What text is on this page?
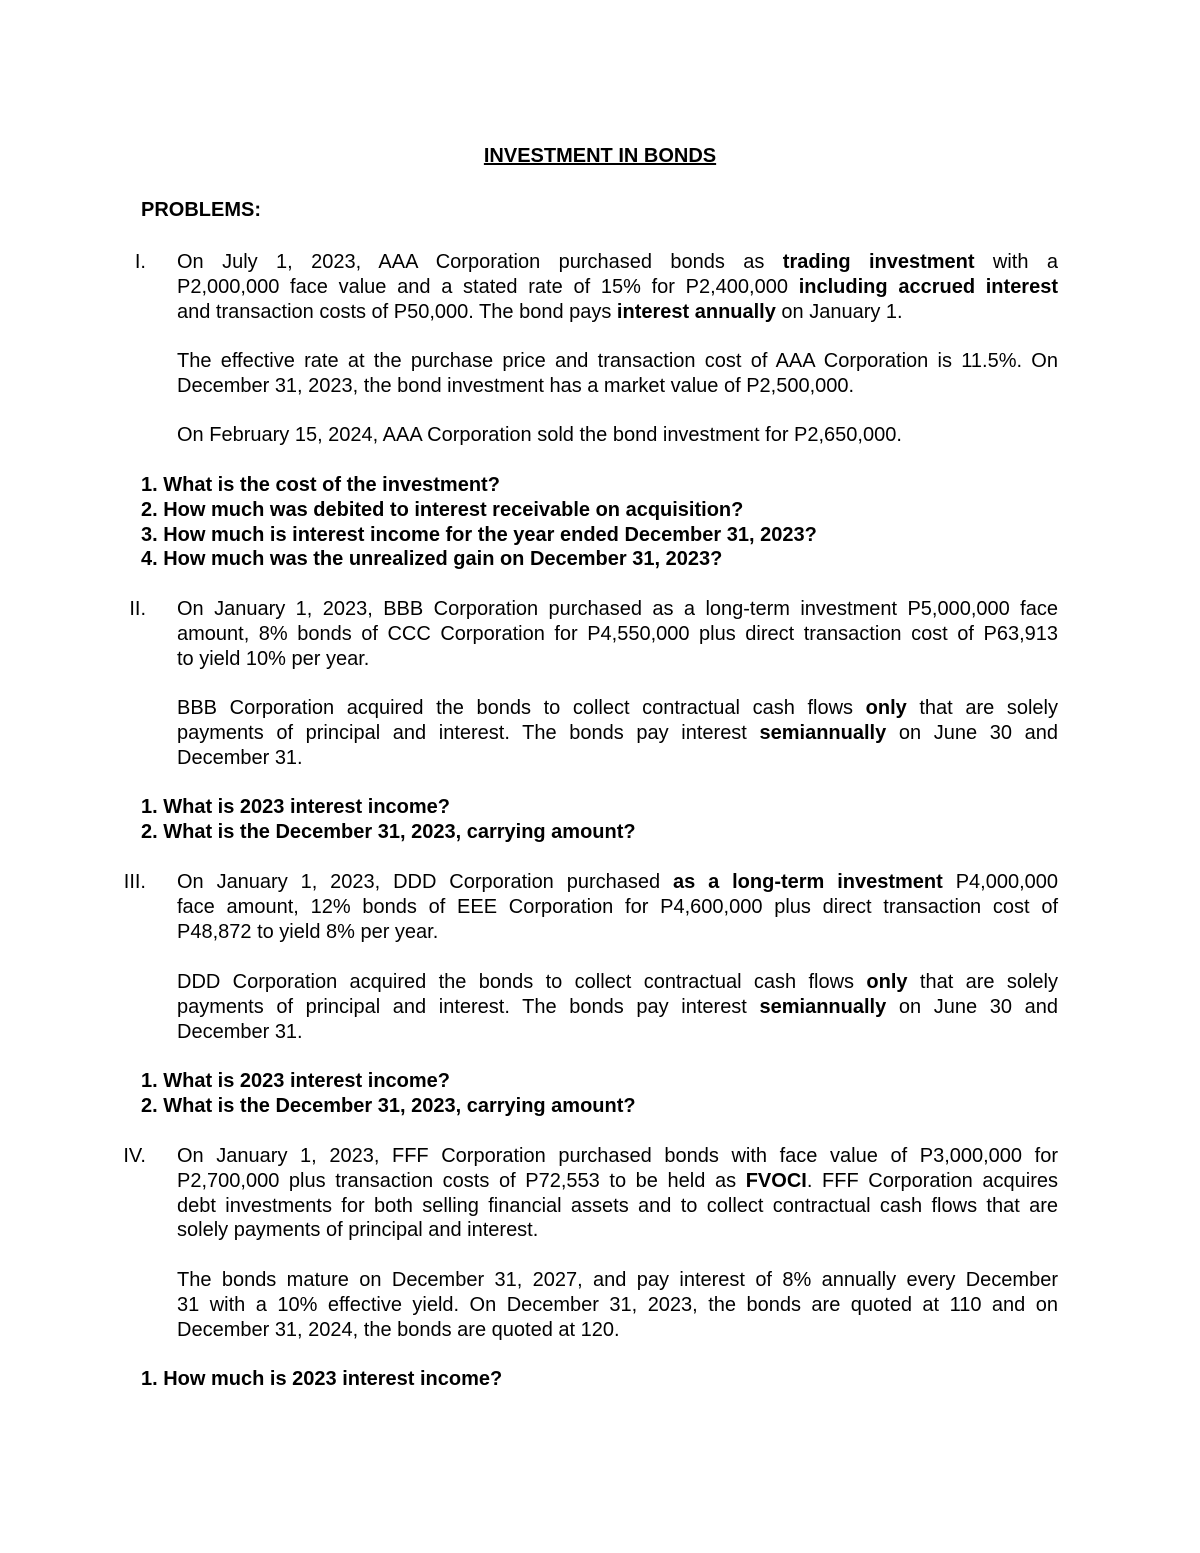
INVESTMENT IN BONDS
PROBLEMS:
I. On July 1, 2023, AAA Corporation purchased bonds as trading investment with a
P2,000,000 face value and a stated rate of 15% for P2,400,000 including accrued interest
and transaction costs of P50,000. The bond pays interest annually on January 1.
The effective rate at the purchase price and transaction cost of AAA Corporation is 11.5%. On
December 31, 2023, the bond investment has a market value of P2,500,000.
On February 15, 2024, AAA Corporation sold the bond investment for P2,650,000.
1. What is the cost of the investment?
2. How much was debited to interest receivable on acquisition?
3. How much is interest income for the year ended December 31, 2023?
4. How much was the unrealized gain on December 31, 2023?
II. On January 1, 2023, BBB Corporation purchased as a long-term investment P5,000,000 face
amount, 8% bonds of CCC Corporation for P4,550,000 plus direct transaction cost of P63,913
to yield 10% per year.
BBB Corporation acquired the bonds to collect contractual cash flows only that are solely
payments of principal and interest. The bonds pay interest semiannually on June 30 and
December 31.
1. What is 2023 interest income?
2. What is the December 31, 2023, carrying amount?
III. On January 1, 2023, DDD Corporation purchased as a long-term investment P4,000,000
face amount, 12% bonds of EEE Corporation for P4,600,000 plus direct transaction cost of
P48,872 to yield 8% per year.
DDD Corporation acquired the bonds to collect contractual cash flows only that are solely
payments of principal and interest. The bonds pay interest semiannually on June 30 and
December 31.
1. What is 2023 interest income?
2. What is the December 31, 2023, carrying amount?
IV. On January 1, 2023, FFF Corporation purchased bonds with face value of P3,000,000 for
P2,700,000 plus transaction costs of P72,553 to be held as FVOCI. FFF Corporation acquires
debt investments for both selling financial assets and to collect contractual cash flows that are
solely payments of principal and interest.
The bonds mature on December 31, 2027, and pay interest of 8% annually every December
31 with a 10% effective yield. On December 31, 2023, the bonds are quoted at 110 and on
December 31, 2024, the bonds are quoted at 120.
1. How much is 2023 interest income?
